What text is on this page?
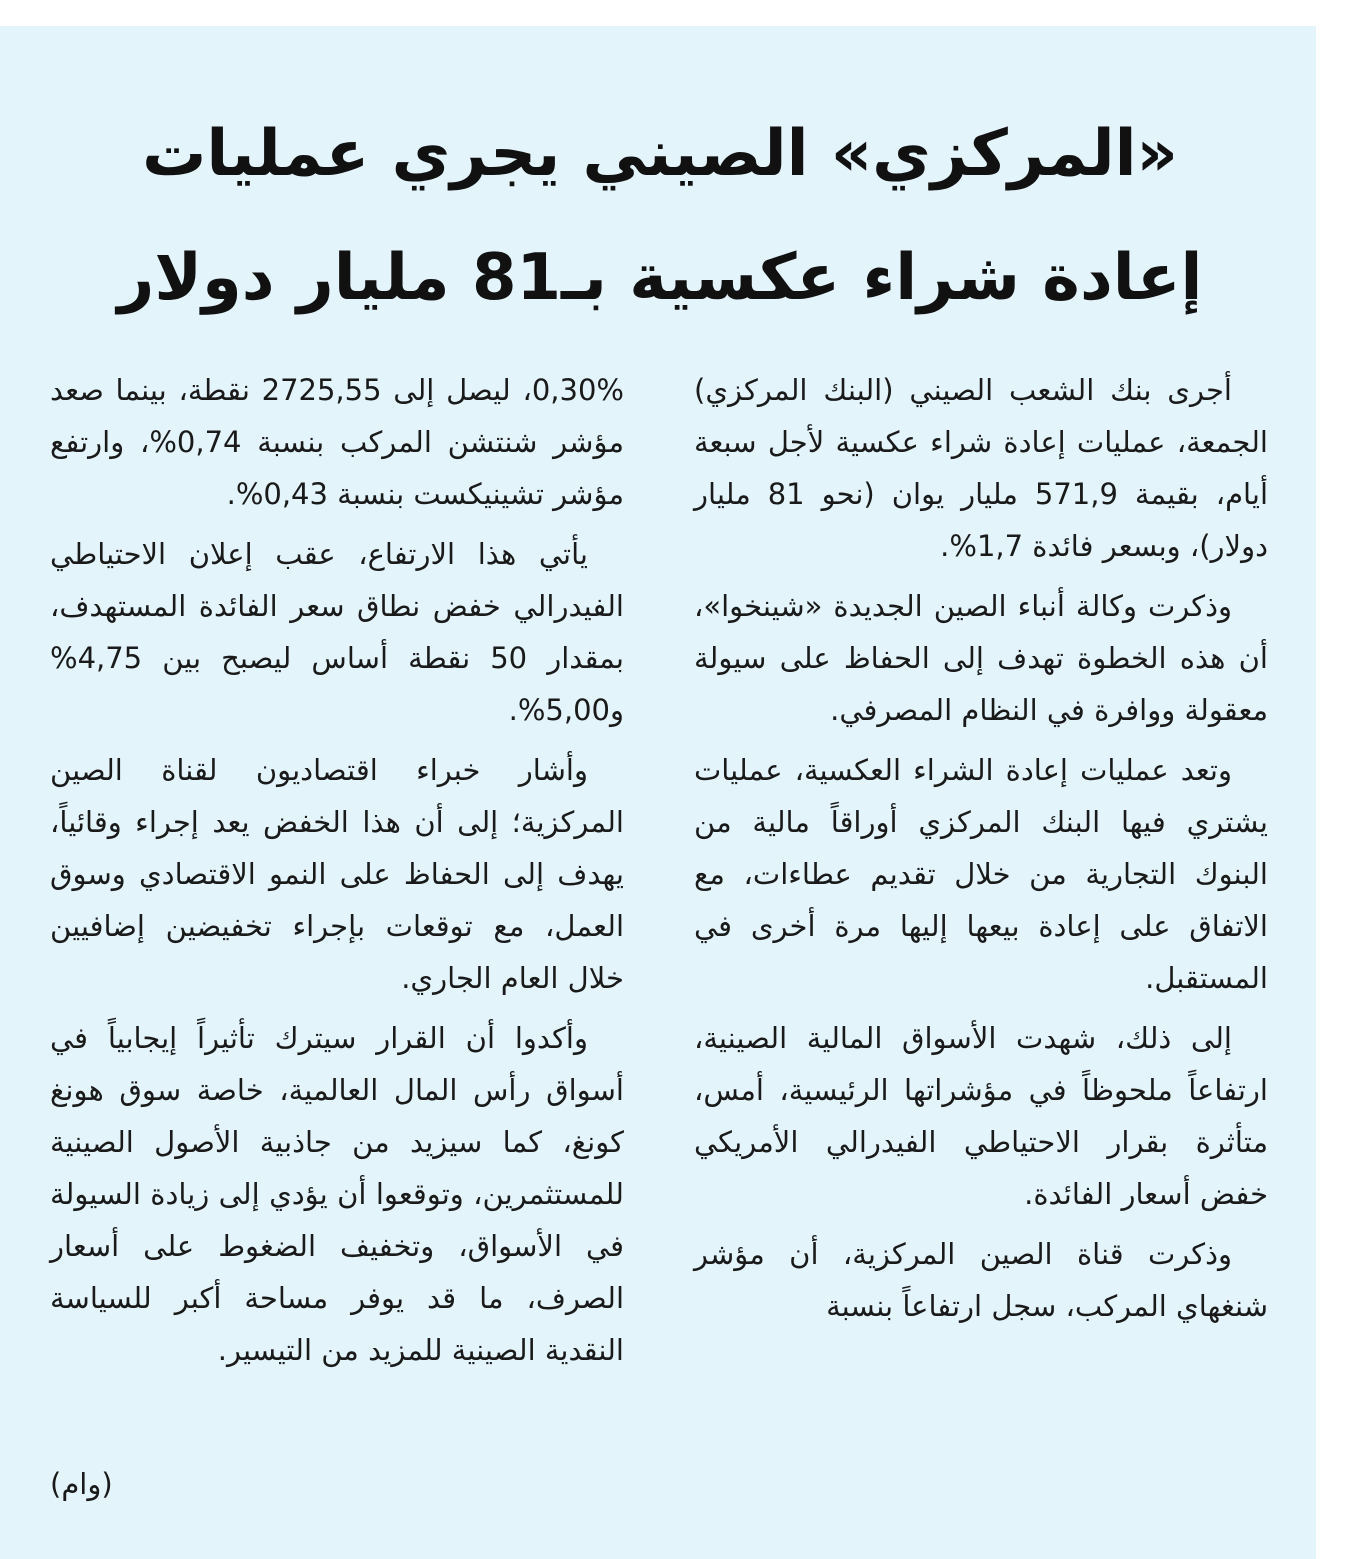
«المركزي» الصيني يجري عمليات
إعادة شراء عكسية بـ81 مليار دولار

أجرى بنك الشعب الصيني (البنك المركزي) الجمعة، عمليات إعادة شراء عكسية لأجل سبعة أيام، بقيمة 571,9 مليار يوان (نحو 81 مليار دولار)، وبسعر فائدة 1,7%.

وذكرت وكالة أنباء الصين الجديدة «شينخوا»، أن هذه الخطوة تهدف إلى الحفاظ على سيولة معقولة ووافرة في النظام المصرفي.

وتعد عمليات إعادة الشراء العكسية، عمليات يشتري فيها البنك المركزي أوراقاً مالية من البنوك التجارية من خلال تقديم عطاءات، مع الاتفاق على إعادة بيعها إليها مرة أخرى في المستقبل.

إلى ذلك، شهدت الأسواق المالية الصينية، ارتفاعاً ملحوظاً في مؤشراتها الرئيسية، أمس، متأثرة بقرار الاحتياطي الفيدرالي الأمريكي خفض أسعار الفائدة.

وذكرت قناة الصين المركزية، أن مؤشر شنغهاي المركب، سجل ارتفاعاً بنسبة

0,30%، ليصل إلى 2725,55 نقطة، بينما صعد مؤشر شنتشن المركب بنسبة 0,74%، وارتفع مؤشر تشينيكست بنسبة 0,43%.

يأتي هذا الارتفاع، عقب إعلان الاحتياطي الفيدرالي خفض نطاق سعر الفائدة المستهدف، بمقدار 50 نقطة أساس ليصبح بين 4,75% و5,00%.

وأشار خبراء اقتصاديون لقناة الصين المركزية؛ إلى أن هذا الخفض يعد إجراء وقائياً، يهدف إلى الحفاظ على النمو الاقتصادي وسوق العمل، مع توقعات بإجراء تخفيضين إضافيين خلال العام الجاري.

وأكدوا أن القرار سيترك تأثيراً إيجابياً في أسواق رأس المال العالمية، خاصة سوق هونغ كونغ، كما سيزيد من جاذبية الأصول الصينية للمستثمرين، وتوقعوا أن يؤدي إلى زيادة السيولة في الأسواق، وتخفيف الضغوط على أسعار الصرف، ما قد يوفر مساحة أكبر للسياسة النقدية الصينية للمزيد من التيسير.

(وام)
